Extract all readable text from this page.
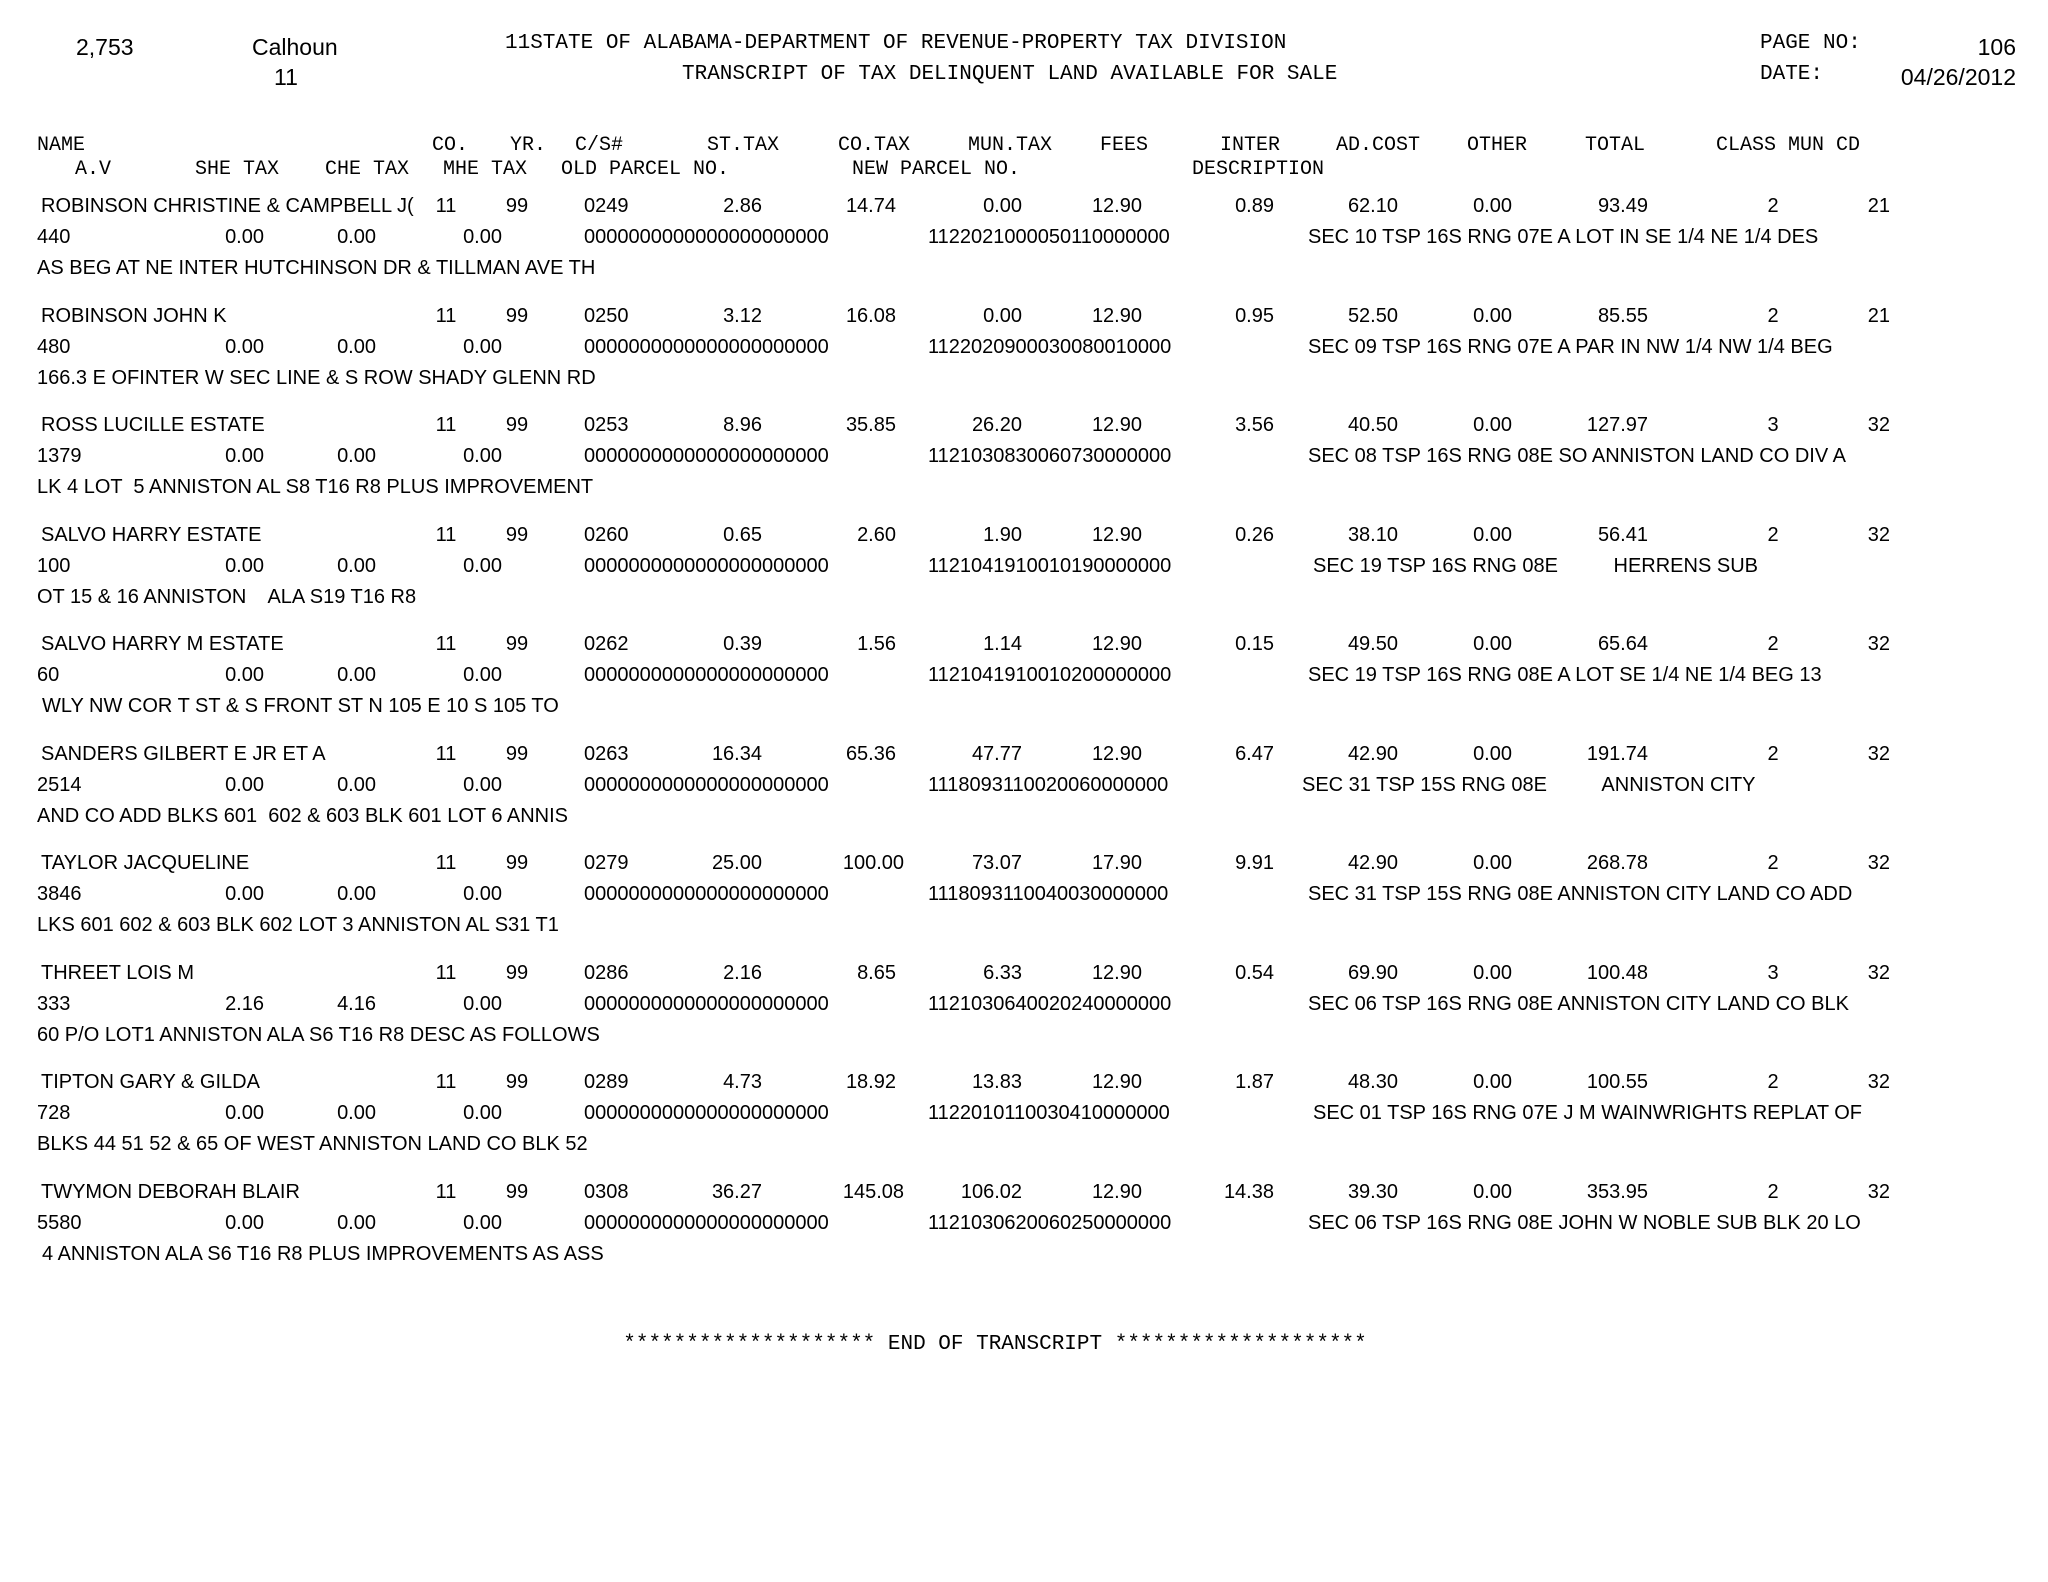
2,753	Calhoun
11
11STATE OF ALABAMA-DEPARTMENT OF REVENUE-PROPERTY TAX DIVISION
TRANSCRIPT OF TAX DELINQUENT LAND AVAILABLE FOR SALE
PAGE NO:	106
DATE:	04/26/2012
NAME	CO. YR. C/S#	ST.TAX	CO.TAX	MUN.TAX FEES	INTER	AD.COST OTHER	TOTAL	CLASS MUN CD
A.V	SHE TAX CHE TAX MHE TAX OLD PARCEL NO.	NEW PARCEL NO.	DESCRIPTION
ROBINSON CHRISTINE & CAMPBELL J(	11	99	0249	2.86	14.74	0.00	12.90	0.89	62.10	0.00	93.49	2	21
440	0.00	0.00	0.00	0000000000000000000000	1122021000050110000000	SEC 10 TSP 16S RNG 07E A LOT IN SE 1/4 NE 1/4 DES
AS BEG AT NE INTER HUTCHINSON DR & TILLMAN AVE TH
ROBINSON JOHN K	11	99	0250	3.12	16.08	0.00	12.90	0.95	52.50	0.00	85.55	2	21
480	0.00	0.00	0.00	0000000000000000000000	1122020900030080010000	SEC 09 TSP 16S RNG 07E A PAR IN NW 1/4 NW 1/4 BEG
166.3 E OFINTER W SEC LINE & S ROW SHADY GLENN RD
ROSS LUCILLE ESTATE	11	99	0253	8.96	35.85	26.20	12.90	3.56	40.50	0.00	127.97	3	32
1379	0.00	0.00	0.00	0000000000000000000000	1121030830060730000000	SEC 08 TSP 16S RNG 08E SO ANNISTON LAND CO DIV A
LK 4 LOT  5 ANNISTON AL S8 T16 R8 PLUS IMPROVEMENT
SALVO HARRY ESTATE	11	99	0260	0.65	2.60	1.90	12.90	0.26	38.10	0.00	56.41	2	32
100	0.00	0.00	0.00	0000000000000000000000	1121041910010190000000	SEC 19 TSP 16S RNG 08E          HERRENS SUB
OT 15 & 16 ANNISTON    ALA S19 T16 R8
SALVO HARRY M ESTATE	11	99	0262	0.39	1.56	1.14	12.90	0.15	49.50	0.00	65.64	2	32
60	0.00	0.00	0.00	0000000000000000000000	1121041910010200000000	SEC 19 TSP 16S RNG 08E A LOT SE 1/4 NE 1/4 BEG 13
WLY NW COR T ST & S FRONT ST N 105 E 10 S 105 TO
SANDERS GILBERT E JR ET A	11	99	0263	16.34	65.36	47.77	12.90	6.47	42.90	0.00	191.74	2	32
2514	0.00	0.00	0.00	0000000000000000000000	1118093110020060000000	SEC 31 TSP 15S RNG 08E          ANNISTON CITY
AND CO ADD BLKS 601  602 & 603 BLK 601 LOT 6 ANNIS
TAYLOR JACQUELINE	11	99	0279	25.00	100.00	73.07	17.90	9.91	42.90	0.00	268.78	2	32
3846	0.00	0.00	0.00	0000000000000000000000	1118093110040030000000	SEC 31 TSP 15S RNG 08E ANNISTON CITY LAND CO ADD
LKS 601 602 & 603 BLK 602 LOT 3 ANNISTON AL S31 T1
THREET LOIS M	11	99	0286	2.16	8.65	6.33	12.90	0.54	69.90	0.00	100.48	3	32
333	2.16	4.16	0.00	0000000000000000000000	1121030640020240000000	SEC 06 TSP 16S RNG 08E ANNISTON CITY LAND CO BLK
60 P/O LOT1 ANNISTON ALA S6 T16 R8 DESC AS FOLLOWS
TIPTON GARY & GILDA	11	99	0289	4.73	18.92	13.83	12.90	1.87	48.30	0.00	100.55	2	32
728	0.00	0.00	0.00	0000000000000000000000	1122010110030410000000	SEC 01 TSP 16S RNG 07E J M WAINWRIGHTS REPLAT OF
BLKS 44 51 52 & 65 OF WEST ANNISTON LAND CO BLK 52
TWYMON DEBORAH BLAIR	11	99	0308	36.27	145.08	106.02	12.90	14.38	39.30	0.00	353.95	2	32
5580	0.00	0.00	0.00	0000000000000000000000	1121030620060250000000	SEC 06 TSP 16S RNG 08E JOHN W NOBLE SUB BLK 20 LO
4 ANNISTON ALA S6 T16 R8 PLUS IMPROVEMENTS AS ASS
******************** END OF TRANSCRIPT ********************
